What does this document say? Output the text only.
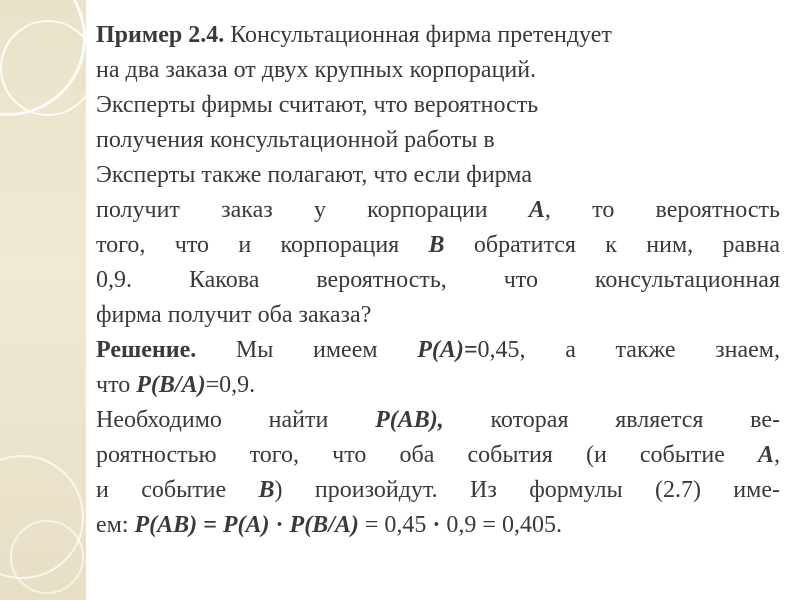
Пример 2.4. Консультационная фирма претендует
на два заказа от двух крупных корпораций.
Эксперты фирмы считают, что вероятность
получения консультационной работы в
Эксперты также полагают, что если фирма
получит заказ у корпорации А, то вероятность
того, что и корпорация В обратится к ним, равна
0,9. Какова вероятность, что консультационная
фирма получит оба заказа?
Решение. Мы имеем Р(А)=0,45, а также знаем,
что Р(В/А)=0,9.
Необходимо найти Р(АВ), которая является ве-
роятностью того, что оба события (и событие А,
и событие В) произойдут. Из формулы (2.7) име-
ем: Р(АВ) = Р(А) · Р(В/А) = 0,45 · 0,9 = 0,405.
